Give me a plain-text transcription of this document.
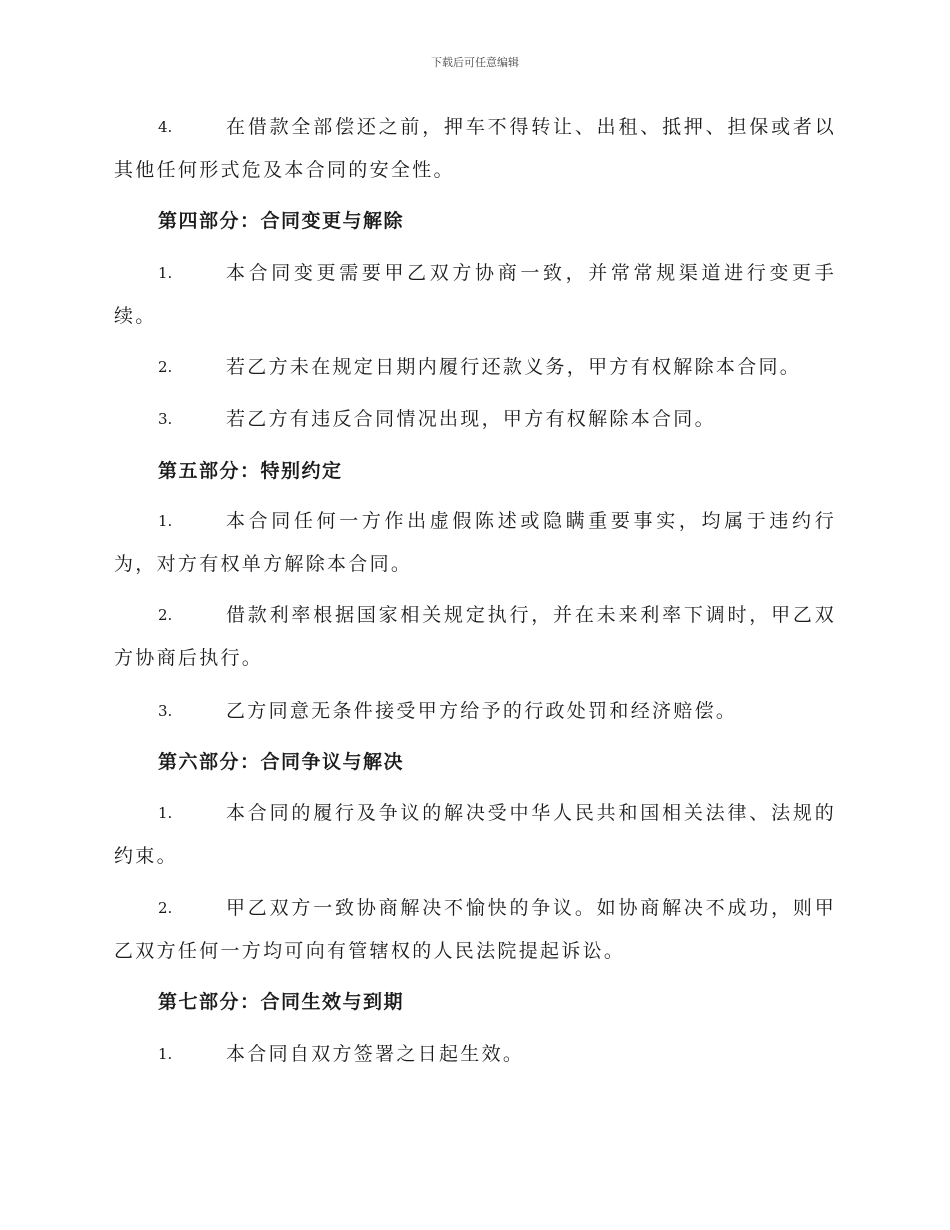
下载后可任意编辑
4.	在借款全部偿还之前，押车不得转让、出租、抵押、担保或者以其他任何形式危及本合同的安全性。
第四部分：合同变更与解除
1.	本合同变更需要甲乙双方协商一致，并常常规渠道进行变更手续。
2.	若乙方未在规定日期内履行还款义务，甲方有权解除本合同。
3.	若乙方有违反合同情况出现，甲方有权解除本合同。
第五部分：特别约定
1.	本合同任何一方作出虚假陈述或隐瞒重要事实，均属于违约行为，对方有权单方解除本合同。
2.	借款利率根据国家相关规定执行，并在未来利率下调时，甲乙双方协商后执行。
3.	乙方同意无条件接受甲方给予的行政处罚和经济赔偿。
第六部分：合同争议与解决
1.	本合同的履行及争议的解决受中华人民共和国相关法律、法规的约束。
2.	甲乙双方一致协商解决不愉快的争议。如协商解决不成功，则甲乙双方任何一方均可向有管辖权的人民法院提起诉讼。
第七部分：合同生效与到期
1.	本合同自双方签署之日起生效。
